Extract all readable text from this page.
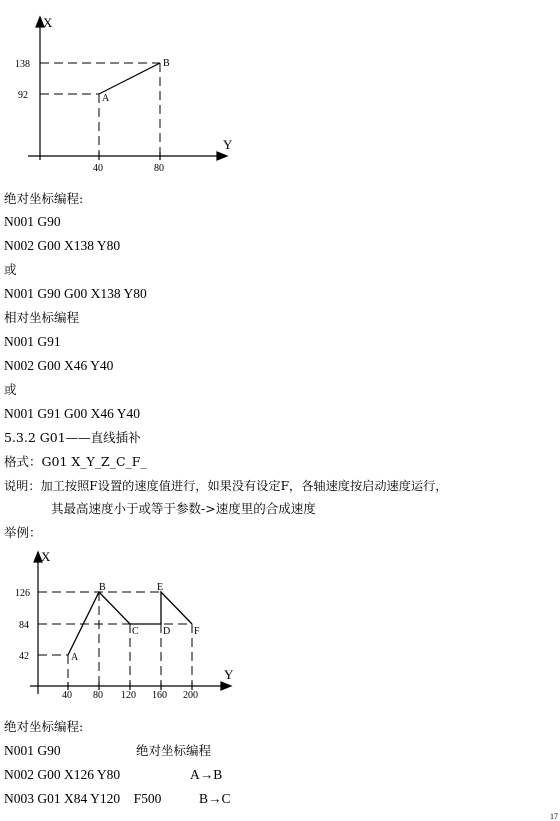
X
Y
138
92
40	80
A
B
绝对坐标编程:
N001 G90
N002 G00 X138 Y80
或
N001 G90 G00 X138 Y80
相对坐标编程
N001 G91
N002 G00 X46 Y40
或
N001 G91 G00 X46 Y40
5.3.2 G01——直线插补
格式：G01 X_Y_Z_C_F_
说明：加工按照F设置的速度值进行，如果没有设定F，各轴速度按启动速度运行，
其最高速度小于或等于参数->速度里的合成速度
举例：
X
Y
126
84
42
40 80 120 160 200
A
B
C D
E
F
绝对坐标编程:
N001 G90	绝对坐标编程
N002 G00 X126 Y80	A→B
N003 G01 X84 Y120    F500	B→C
17
